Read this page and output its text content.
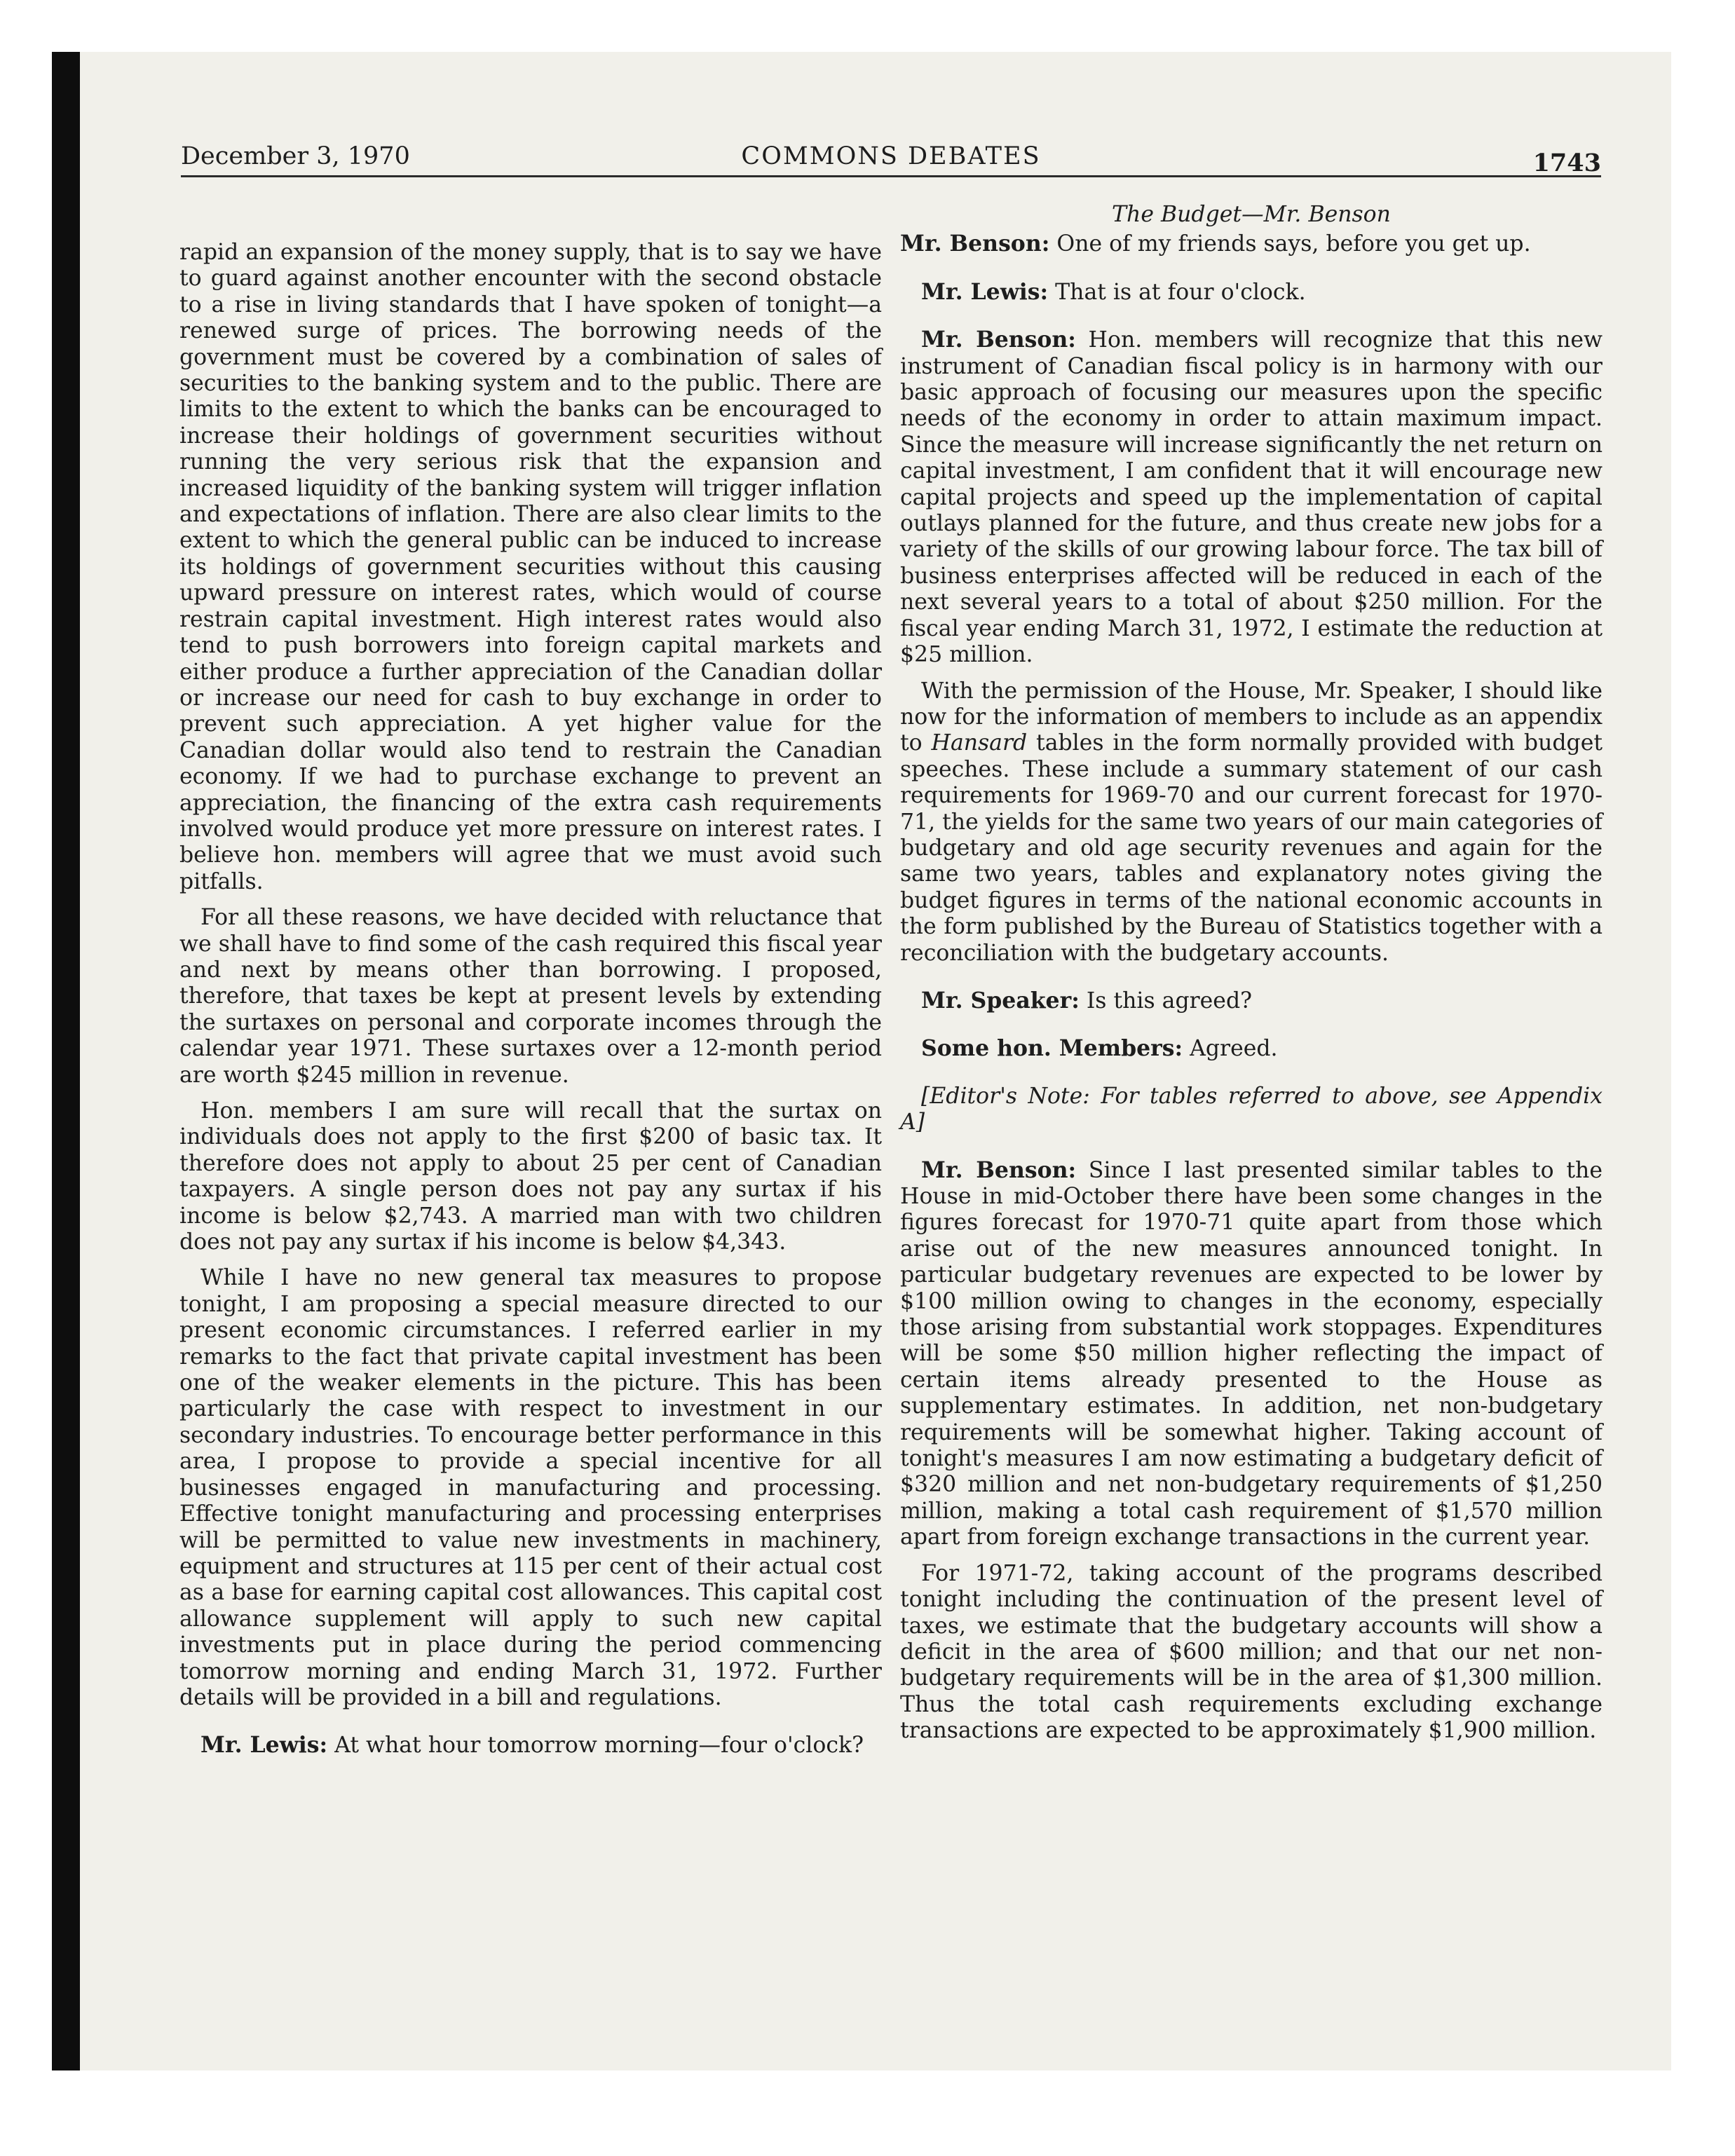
December 3, 1970	COMMONS DEBATES	1743

rapid an expansion of the money supply, that is to say we have to guard against another encounter with the second obstacle to a rise in living standards that I have spoken of tonight—a renewed surge of prices. The borrowing needs of the government must be covered by a combination of sales of securities to the banking system and to the public. There are limits to the extent to which the banks can be encouraged to increase their holdings of government securities without running the very serious risk that the expansion and increased liquidity of the banking system will trigger inflation and expectations of inflation. There are also clear limits to the extent to which the general public can be induced to increase its holdings of government securities without this causing upward pressure on interest rates, which would of course restrain capital investment. High interest rates would also tend to push borrowers into foreign capital markets and either produce a further appreciation of the Canadian dollar or increase our need for cash to buy exchange in order to prevent such appreciation. A yet higher value for the Canadian dollar would also tend to restrain the Canadian economy. If we had to purchase exchange to prevent an appreciation, the financing of the extra cash requirements involved would produce yet more pressure on interest rates. I believe hon. members will agree that we must avoid such pitfalls.

For all these reasons, we have decided with reluctance that we shall have to find some of the cash required this fiscal year and next by means other than borrowing. I proposed, therefore, that taxes be kept at present levels by extending the surtaxes on personal and corporate incomes through the calendar year 1971. These surtaxes over a 12-month period are worth $245 million in revenue.

Hon. members I am sure will recall that the surtax on individuals does not apply to the first $200 of basic tax. It therefore does not apply to about 25 per cent of Canadian taxpayers. A single person does not pay any surtax if his income is below $2,743. A married man with two children does not pay any surtax if his income is below $4,343.

While I have no new general tax measures to propose tonight, I am proposing a special measure directed to our present economic circumstances. I referred earlier in my remarks to the fact that private capital investment has been one of the weaker elements in the picture. This has been particularly the case with respect to investment in our secondary industries. To encourage better performance in this area, I propose to provide a special incentive for all businesses engaged in manufacturing and processing. Effective tonight manufacturing and processing enterprises will be permitted to value new investments in machinery, equipment and structures at 115 per cent of their actual cost as a base for earning capital cost allowances. This capital cost allowance supplement will apply to such new capital investments put in place during the period commencing tomorrow morning and ending March 31, 1972. Further details will be provided in a bill and regulations.

Mr. Lewis: At what hour tomorrow morning—four o'clock?

The Budget—Mr. Benson

Mr. Benson: One of my friends says, before you get up.

Mr. Lewis: That is at four o'clock.

Mr. Benson: Hon. members will recognize that this new instrument of Canadian fiscal policy is in harmony with our basic approach of focusing our measures upon the specific needs of the economy in order to attain maximum impact. Since the measure will increase significantly the net return on capital investment, I am confident that it will encourage new capital projects and speed up the implementation of capital outlays planned for the future, and thus create new jobs for a variety of the skills of our growing labour force. The tax bill of business enterprises affected will be reduced in each of the next several years to a total of about $250 million. For the fiscal year ending March 31, 1972, I estimate the reduction at $25 million.

With the permission of the House, Mr. Speaker, I should like now for the information of members to include as an appendix to Hansard tables in the form normally provided with budget speeches. These include a summary statement of our cash requirements for 1969-70 and our current forecast for 1970-71, the yields for the same two years of our main categories of budgetary and old age security revenues and again for the same two years, tables and explanatory notes giving the budget figures in terms of the national economic accounts in the form published by the Bureau of Statistics together with a reconciliation with the budgetary accounts.

Mr. Speaker: Is this agreed?

Some hon. Members: Agreed.

[Editor's Note: For tables referred to above, see Appendix A]

Mr. Benson: Since I last presented similar tables to the House in mid-October there have been some changes in the figures forecast for 1970-71 quite apart from those which arise out of the new measures announced tonight. In particular budgetary revenues are expected to be lower by $100 million owing to changes in the economy, especially those arising from substantial work stoppages. Expenditures will be some $50 million higher reflecting the impact of certain items already presented to the House as supplementary estimates. In addition, net non-budgetary requirements will be somewhat higher. Taking account of tonight's measures I am now estimating a budgetary deficit of $320 million and net non-budgetary requirements of $1,250 million, making a total cash requirement of $1,570 million apart from foreign exchange transactions in the current year.

For 1971-72, taking account of the programs described tonight including the continuation of the present level of taxes, we estimate that the budgetary accounts will show a deficit in the area of $600 million; and that our net non-budgetary requirements will be in the area of $1,300 million. Thus the total cash requirements excluding exchange transactions are expected to be approximately $1,900 million.
